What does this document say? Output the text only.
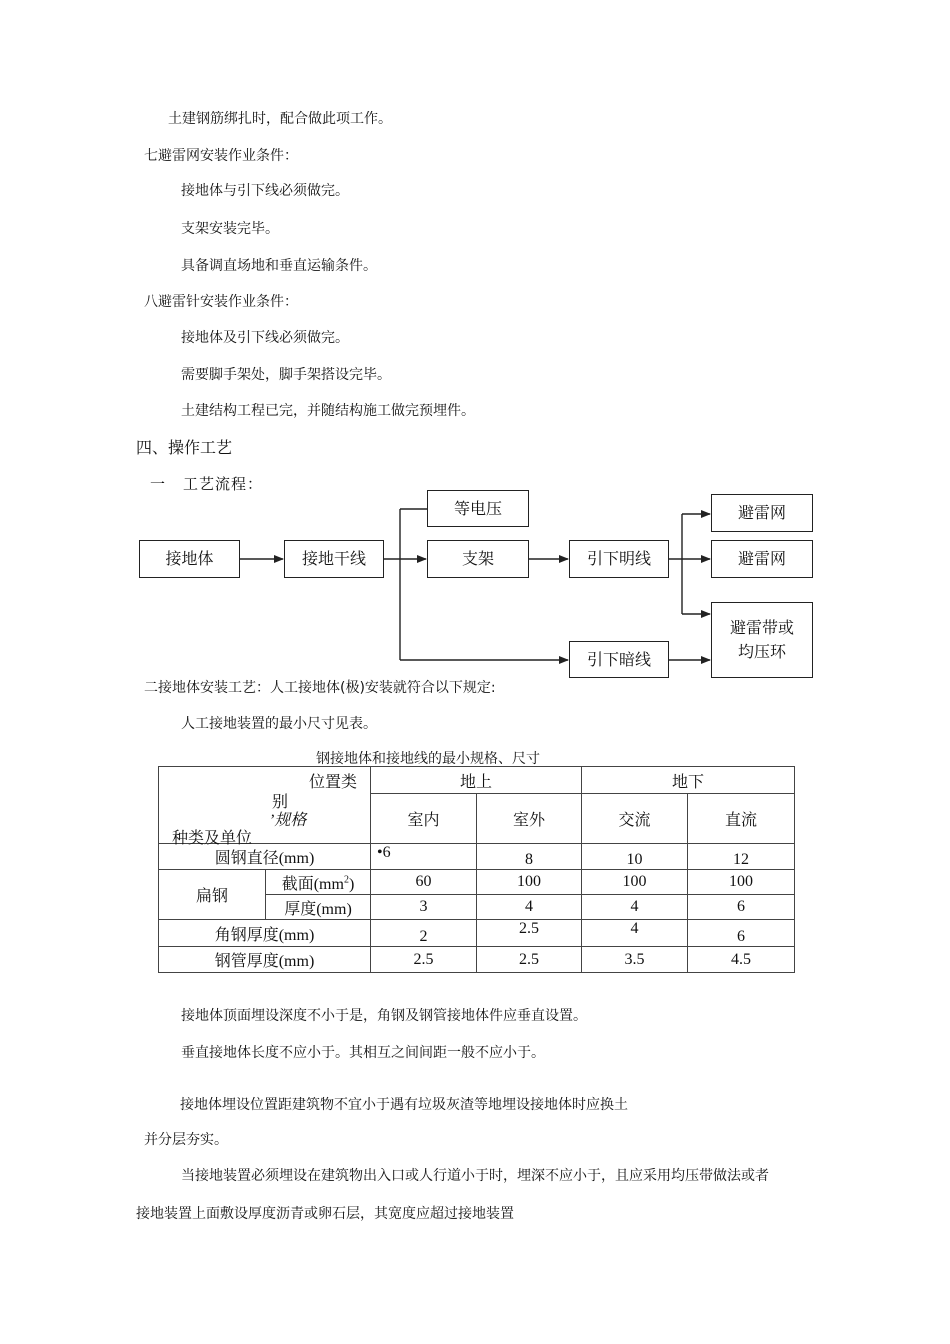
土建钢筋绑扎时，配合做此项工作。
七避雷网安装作业条件：
接地体与引下线必须做完。
支架安装完毕。
具备调直场地和垂直运输条件。
八避雷针安装作业条件：
接地体及引下线必须做完。
需要脚手架处，脚手架搭设完毕。
土建结构工程已完，并随结构施工做完预埋件。
四、操作工艺
一 工艺流程：
接地体	接地干线
等电压
支架	引下明线
引下暗线
避雷网
避雷网
避雷带或
均压环
二接地体安装工艺：人工接地体(极)安装就符合以下规定:
人工接地装置的最小尺寸见表。
钢接地体和接地线的最小规格、尺寸
位置类
别
’规格
种类及单位		地上		地下	
		室内	室外	交流	直流
圆钢直径(mm)		•6	8	10	12
扁钢	截面$(mm^2)$	60	100	100	100
	厚度(mm)	3	4	4	6
角钢厚度(mm)		2	2.5	4	6
钢管厚度(mm)		2.5	2.5	3.5	4.5
接地体顶面埋设深度不小于是，角钢及钢管接地体件应垂直设置。
垂直接地体长度不应小于。其相互之间间距一般不应小于。
接地体埋设位置距建筑物不宜小于遇有垃圾灰渣等地埋设接地体时应换土
并分层夯实。
当接地装置必须埋设在建筑物出入口或人行道小于时，埋深不应小于，且应采用均压带做法或者
接地装置上面敷设厚度沥青或卵石层，其宽度应超过接地装置
